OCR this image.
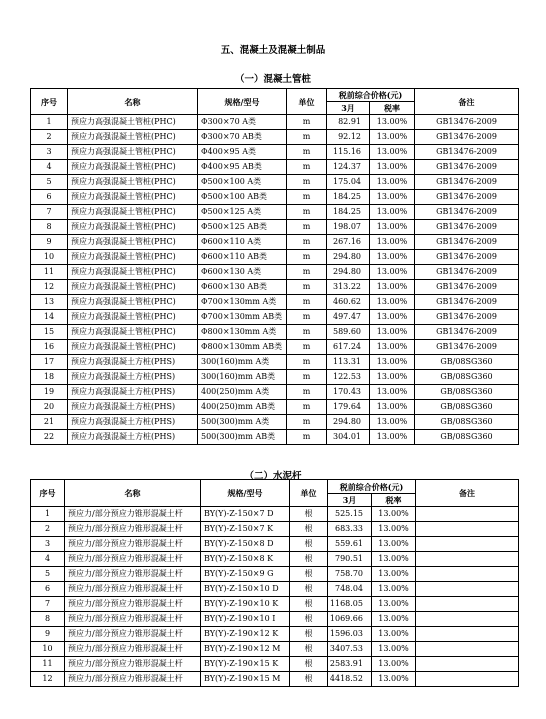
五、混凝土及混凝土制品
（一）混凝土管桩
序号	名称	规格/型号	单位	税前综合价格(元)		备注
				3月	税率	
1	预应力高强混凝土管桩(PHC)	Φ300×70 A类	m	82.91	13.00%	GB13476-2009
2	预应力高强混凝土管桩(PHC)	Φ300×70 AB类	m	92.12	13.00%	GB13476-2009
3	预应力高强混凝土管桩(PHC)	Φ400×95 A类	m	115.16	13.00%	GB13476-2009
4	预应力高强混凝土管桩(PHC)	Φ400×95 AB类	m	124.37	13.00%	GB13476-2009
5	预应力高强混凝土管桩(PHC)	Φ500×100 A类	m	175.04	13.00%	GB13476-2009
6	预应力高强混凝土管桩(PHC)	Φ500×100 AB类	m	184.25	13.00%	GB13476-2009
7	预应力高强混凝土管桩(PHC)	Φ500×125 A类	m	184.25	13.00%	GB13476-2009
8	预应力高强混凝土管桩(PHC)	Φ500×125 AB类	m	198.07	13.00%	GB13476-2009
9	预应力高强混凝土管桩(PHC)	Φ600×110 A类	m	267.16	13.00%	GB13476-2009
10	预应力高强混凝土管桩(PHC)	Φ600×110 AB类	m	294.80	13.00%	GB13476-2009
11	预应力高强混凝土管桩(PHC)	Φ600×130 A类	m	294.80	13.00%	GB13476-2009
12	预应力高强混凝土管桩(PHC)	Φ600×130 AB类	m	313.22	13.00%	GB13476-2009
13	预应力高强混凝土管桩(PHC)	Φ700×130mm A类	m	460.62	13.00%	GB13476-2009
14	预应力高强混凝土管桩(PHC)	Φ700×130mm AB类	m	497.47	13.00%	GB13476-2009
15	预应力高强混凝土管桩(PHC)	Φ800×130mm A类	m	589.60	13.00%	GB13476-2009
16	预应力高强混凝土管桩(PHC)	Φ800×130mm AB类	m	617.24	13.00%	GB13476-2009
17	预应力高强混凝土方桩(PHS)	300(160)mm A类	m	113.31	13.00%	GB/08SG360
18	预应力高强混凝土方桩(PHS)	300(160)mm AB类	m	122.53	13.00%	GB/08SG360
19	预应力高强混凝土方桩(PHS)	400(250)mm A类	m	170.43	13.00%	GB/08SG360
20	预应力高强混凝土方桩(PHS)	400(250)mm AB类	m	179.64	13.00%	GB/08SG360
21	预应力高强混凝土方桩(PHS)	500(300)mm A类	m	294.80	13.00%	GB/08SG360
22	预应力高强混凝土方桩(PHS)	500(300)mm AB类	m	304.01	13.00%	GB/08SG360
（二）水泥杆
序号	名称	规格/型号	单位	税前综合价格(元)		备注
				3月	税率	
1	预应力/部分预应力锥形混凝土杆	BY(Y)-Z-150×7 D	根	525.15	13.00%	
2	预应力/部分预应力锥形混凝土杆	BY(Y)-Z-150×7 K	根	683.33	13.00%	
3	预应力/部分预应力锥形混凝土杆	BY(Y)-Z-150×8 D	根	559.61	13.00%	
4	预应力/部分预应力锥形混凝土杆	BY(Y)-Z-150×8 K	根	790.51	13.00%	
5	预应力/部分预应力锥形混凝土杆	BY(Y)-Z-150×9 G	根	758.70	13.00%	
6	预应力/部分预应力锥形混凝土杆	BY(Y)-Z-150×10 D	根	748.04	13.00%	
7	预应力/部分预应力锥形混凝土杆	BY(Y)-Z-190×10 K	根	1168.05	13.00%	
8	预应力/部分预应力锥形混凝土杆	BY(Y)-Z-190×10 I	根	1069.66	13.00%	
9	预应力/部分预应力锥形混凝土杆	BY(Y)-Z-190×12 K	根	1596.03	13.00%	
10	预应力/部分预应力锥形混凝土杆	BY(Y)-Z-190×12 M	根	3407.53	13.00%	
11	预应力/部分预应力锥形混凝土杆	BY(Y)-Z-190×15 K	根	2583.91	13.00%	
12	预应力/部分预应力锥形混凝土杆	BY(Y)-Z-190×15 M	根	4418.52	13.00%	
